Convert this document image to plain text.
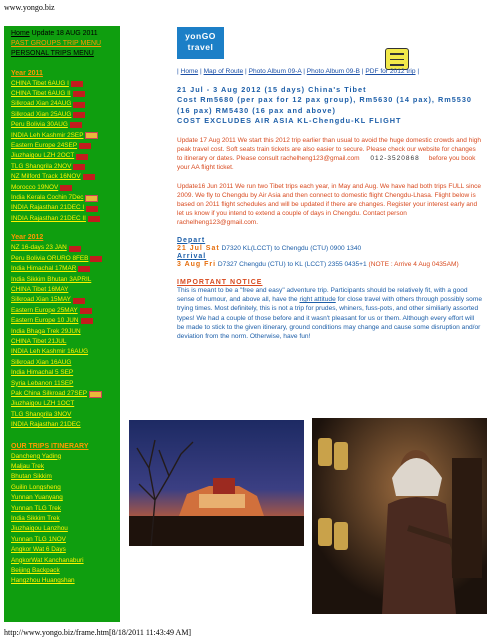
www.yongo.biz
Home Update 18 AUG 2011
PAST GROUPS TRIP MENU
PERSONAL TRIPS MENU
Year 2011
CHINA Tibet 6AUG I
CHINA Tibet 6AUG II
Silkroad Xian 24AUG
Silkroad Xian 25AUG
Peru Bolivia 30AUG
INDIA Leh Kashmir 2SEP
Eastern Europe 24SEP
Jiuzhaigou LZH 2OCT
TLG Shangrila 2NOV
NZ Milford Track 16NOV
Morocco 19NOV
India Kerala Cochin 7Dec
INDIA Rajasthan 21DEC I
INDIA Rajasthan 21DEC II
Year 2012
NZ 16-days 23 JAN
Peru Bolivia ORURO 8FEB
India Himachal 17MAR
India Sikkim Bhutan 3APRIL
CHINA Tibet 16MAY
Silkroad Xian 15MAY
Eastern Europe 25MAY
Eastern Europe 10 JUN
India Bhaga Trek 29JUN
CHINA Tibet 21JUL
INDIA Leh Kashmir 16AUG
Silkroad Xian 16AUG
India Himachal 5 SEP
Syria Lebanon 11SEP
Pak China Silkroad 27SEP
Jiuzhaigou LZH 1OCT
TLG Shangrila 3NOV
INDIA Rajasthan 21DEC
OUR TRIPS ITINERARY
Dancheng Yading
Maljau Trek
Bhutan Sikkim
Guilin Longsheng
Yunnan Yuanyang
Yunnan TLG Trek
India Sikkim Trek
Jiuzhaigou Lanzhou
Yunnan TLG 1NOV
Angkor Wat 6 Days
AngkorWat Kanchanaburi
Beijing Backpack
Hangzhou Huangshan
yonGO
travel
| Home | Map of Route | Photo Album 09-A | Photo Album 09-B | PDF for 2012 trip |
21 Jul - 3 Aug 2012 (15 days) China's Tibet
Cost Rm5680 (per pax for 12 pax group), Rm5630 (14 pax), Rm5530 (16 pax) RM5430 (16 pax and above)
COST EXCLUDES AIR ASIA KL-Chengdu-KL FLIGHT
Update 17 Aug 2011 We start this 2012 trip earlier than usual to avoid the huge domestic crowds and high peak travel cost. Soft seats train tickets are also easier to secure. Please check our website for changes to itinerary or dates. Please consult rachelheng123@gmail.com 012-3520868 before you book your AA flight ticket.
Update16 Jun 2011 We run two Tibet trips each year, in May and Aug. We have had both trips FULL since 2009. We fly to Chengdu by Air Asia and then connect to domestic flight Chengdu-Lhasa. Flight below is based on 2011 flight schedules and will be updated if there are changes. Register your interest early and let us know if you intend to extend a couple of days in Chengdu. Contact person rachelheng123@gmail.com.
Depart
21 Jul Sat D7320 KL(LCCT) to Chengdu (CTU) 0900 1340
Arrival
3 Aug Fri D7327 Chengdu (CTU) to KL (LCCT) 2355 0435+1 (NOTE : Arrive 4 Aug 0435AM)
IMPORTANT NOTICE
This is meant to be a "free and easy" adventure trip. Participants should be relatively fit, with a good sense of humour, and above all, have the right attitude for close travel with others through possibly some trying times. Most definitely, this is not a trip for prudes, whiners, fuss-pots, and other similiarly assorted types! We had a couple of those before and it wasn't pleasant for us or them. Although every effort will be made to stick to the given itinerary, ground conditions may change and cause some disruption and/or deviation from the norm. Otherwise, have fun!
http://www.yongo.biz/frame.htm[8/18/2011 11:43:49 AM]
